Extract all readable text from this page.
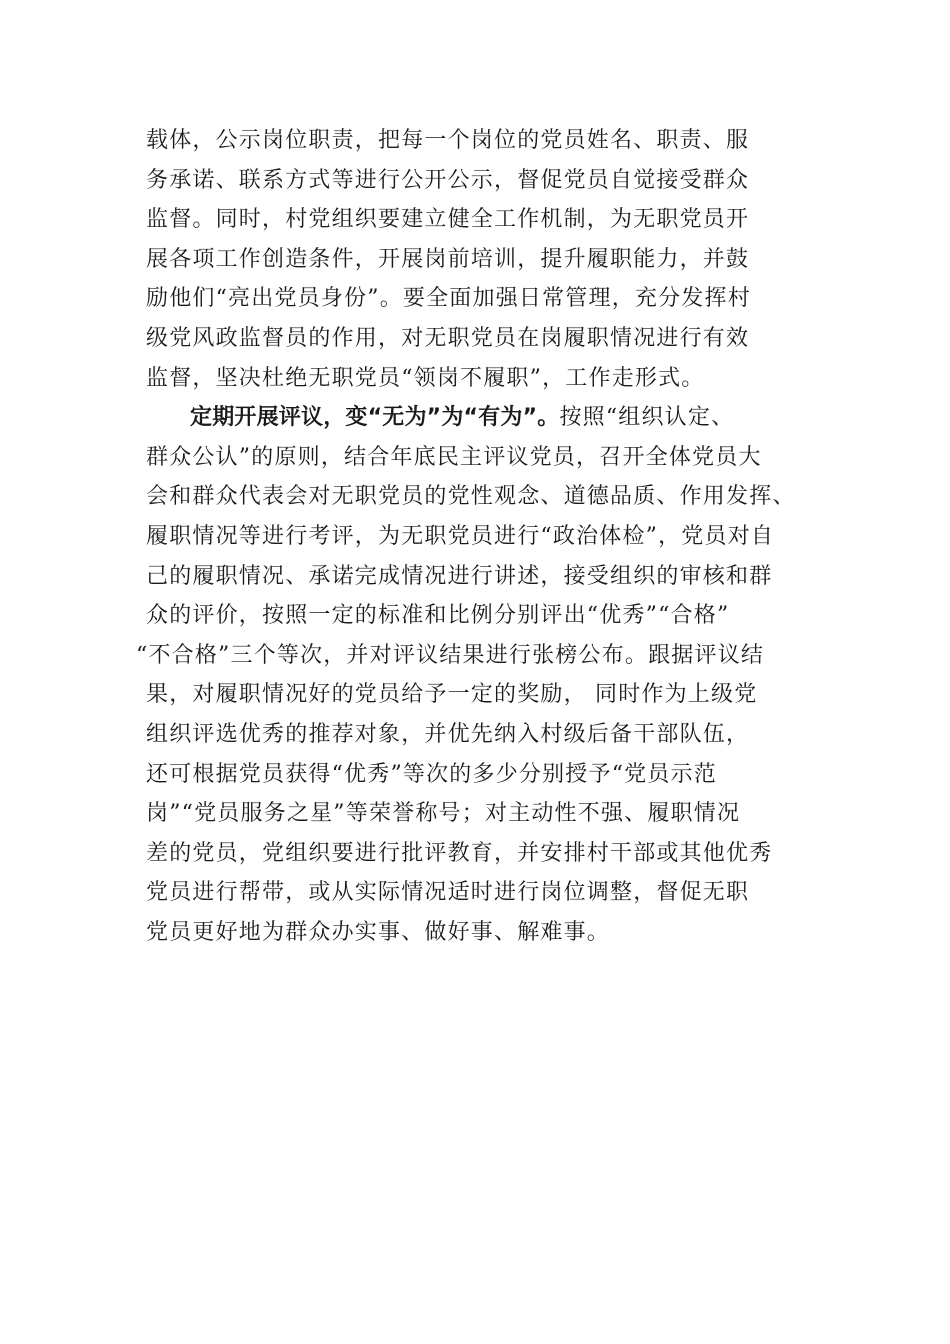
载体，公示岗位职责，把每一个岗位的党员姓名、职责、服
务承诺、联系方式等进行公开公示，督促党员自觉接受群众
监督。同时，村党组织要建立健全工作机制，为无职党员开
展各项工作创造条件，开展岗前培训，提升履职能力，并鼓
励他们“亮出党员身份”。要全面加强日常管理，充分发挥村
级党风政监督员的作用，对无职党员在岗履职情况进行有效
监督，坚决杜绝无职党员“领岗不履职”，工作走形式。
定期开展评议，变“无为”为“有为”。按照“组织认定、
群众公认”的原则，结合年底民主评议党员，召开全体党员大
会和群众代表会对无职党员的党性观念、道德品质、作用发挥、
履职情况等进行考评，为无职党员进行“政治体检”，党员对自
己的履职情况、承诺完成情况进行讲述，接受组织的审核和群
众的评价，按照一定的标准和比例分别评出“优秀”“合格”
“不合格”三个等次，并对评议结果进行张榜公布。跟据评议结
果，对履职情况好的党员给予一定的奖励， 同时作为上级党
组织评选优秀的推荐对象，并优先纳入村级后备干部队伍，
还可根据党员获得“优秀”等次的多少分别授予“党员示范
岗”“党员服务之星”等荣誉称号；对主动性不强、履职情况
差的党员，党组织要进行批评教育，并安排村干部或其他优秀
党员进行帮带，或从实际情况适时进行岗位调整，督促无职
党员更好地为群众办实事、做好事、解难事。
